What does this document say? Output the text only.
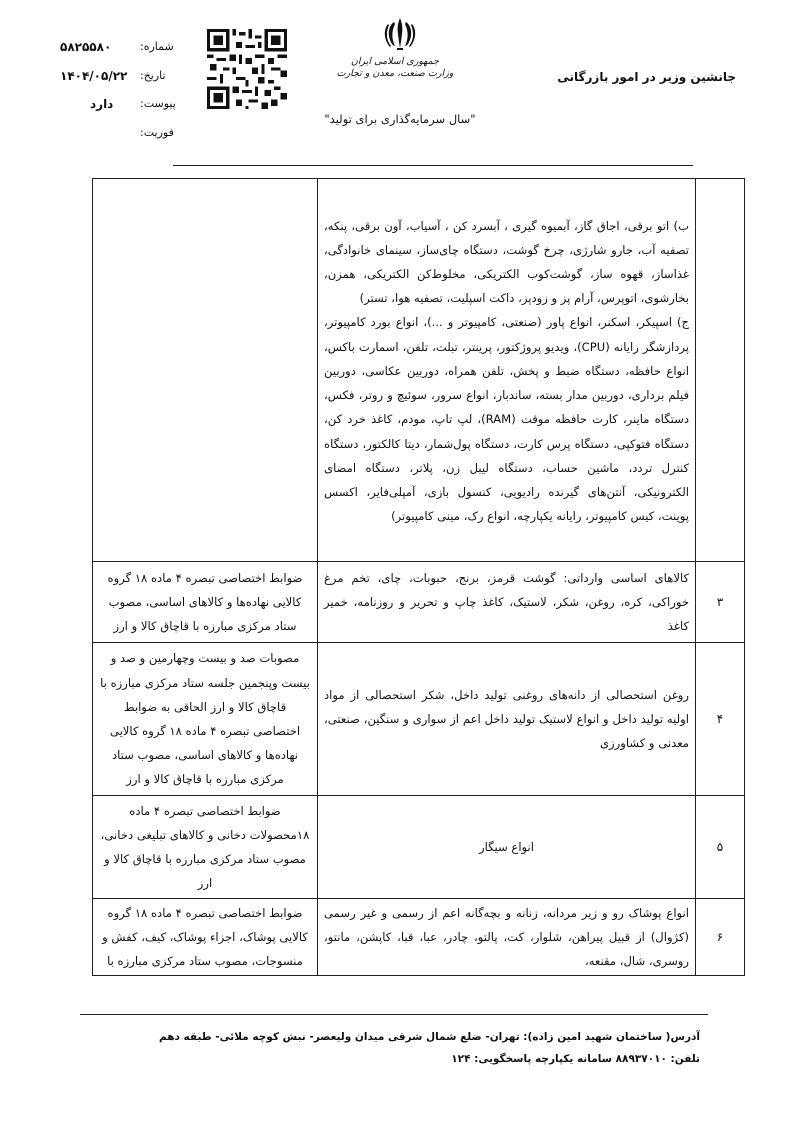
جانشین وزیر در امور بازرگانی
شماره:
۵۸۲۵۵۸۰
تاریخ:
۱۴۰۴/۰۵/۲۲
پیوست:
دارد
فوریت:
جمهوری اسلامی ایران
وزارت صنعت، معدن و تجارت
"سال سرمایه‌گذاری برای تولید"

	ب) اتو برقی، اجاق گاز، آبمیوه گیری ، آبسرد کن ، آسیاب، آون برقی، پنکه، تصفیه آب، جارو شارژی، چرخ گوشت، دستگاه چای‌ساز، سینمای خانوادگی، غذاساز، قهوه ساز، گوشت‌کوب الکتریکی، مخلوط‌کن الکتریکی، همزن، بخارشوی، اتوپرس، آرام پز و زودپز، داکت اسپلیت، تصفیه هوا، تستر)
ج) اسپیکر، اسکنر، انواع پاور (صنعتی، کامپیوتر و ...)، انواع بورد کامپیوتر، پردازشگر رایانه (CPU)، ویدیو پروژکتور، پرینتر، تبلت، تلفن، اسمارت باکس، انواع حافظه، دستگاه ضبط و پخش، تلفن همراه، دوربین عکاسی، دوربین فیلم برداری، دوربین مدار بسته، ساندبار، انواع سرور، سوئیچ و روتر، فکس، دستگاه ماینر، کارت حافظه موقت (RAM)، لپ تاپ، مودم، کاغذ خرد کن، دستگاه فتوکپی، دستگاه پرس کارت، دستگاه پول‌شمار، دیتا کالکتور، دستگاه کنترل تردد، ماشین حساب، دستگاه لیبل زن، پلاتر، دستگاه امضای الکترونیکی، آنتن‌های گیرنده رادیویی، کنسول بازی، آمپلی‌فایر، اکسس پوینت، کیس کامپیوتر، رایانه یکپارچه، انواع رک، مینی کامپیوتر)	

۳	کالاهای اساسی وارداتی: گوشت قرمز، برنج، حبوبات، چای، تخم مرغ خوراکی، کره، روغن، شکر، لاستیک، کاغذ چاپ و تحریر و روزنامه، خمیر کاغذ	ضوابط اختصاصی تبصره ۴ ماده ۱۸ گروه کالایی نهاده‌ها و کالاهای اساسی، مصوب ستاد مرکزی مبارزه با قاچاق کالا و ارز
۴	روغن استحصالی از دانه‌های روغنی تولید داخل، شکر استحصالی از مواد اولیه تولید داخل و انواع لاستیک تولید داخل اعم از سواری و سنگین، صنعتی، معدنی و کشاورزی	مصوبات صد و بیست وچهارمین و صد و بیست وپنجمین جلسه ستاد مرکزی مبارزه با قاچاق کالا و ارز الحاقی به ضوابط اختصاصی تبصره ۴ ماده ۱۸ گروه کالایی نهاده‌ها و کالاهای اساسی، مصوب ستاد مرکزی مبارزه با قاچاق کالا و ارز
۵	انواع سیگار	ضوابط اختصاصی تبصره ۴ ماده ۱۸محصولات دخانی و کالاهای تبلیغی دخانی، مصوب ستاد مرکزی مبارزه با قاچاق کالا و ارز
۶	انواع پوشاک رو و زیر مردانه، زنانه و بچه‌گانه اعم از رسمی و غیر رسمی (کژوال) از قبیل پیراهن، شلوار، کت، پالتو، چادر، عبا، قبا، کاپشن، مانتو، روسری، شال، مقنعه،	ضوابط اختصاصی تبصره ۴ ماده ۱۸ گروه کالایی پوشاک، اجزاء پوشاک، کیف، کفش و منسوجات، مصوب ستاد مرکزی مبارزه با
آدرس( ساختمان شهید امین زاده): تهران- ضلع شمال شرقی میدان ولیعصر- نبش کوچه ملائی- طبقه دهم
تلفن: ۸۸۹۳۷۰۱۰ سامانه یکپارچه پاسخگویی: ۱۲۴
